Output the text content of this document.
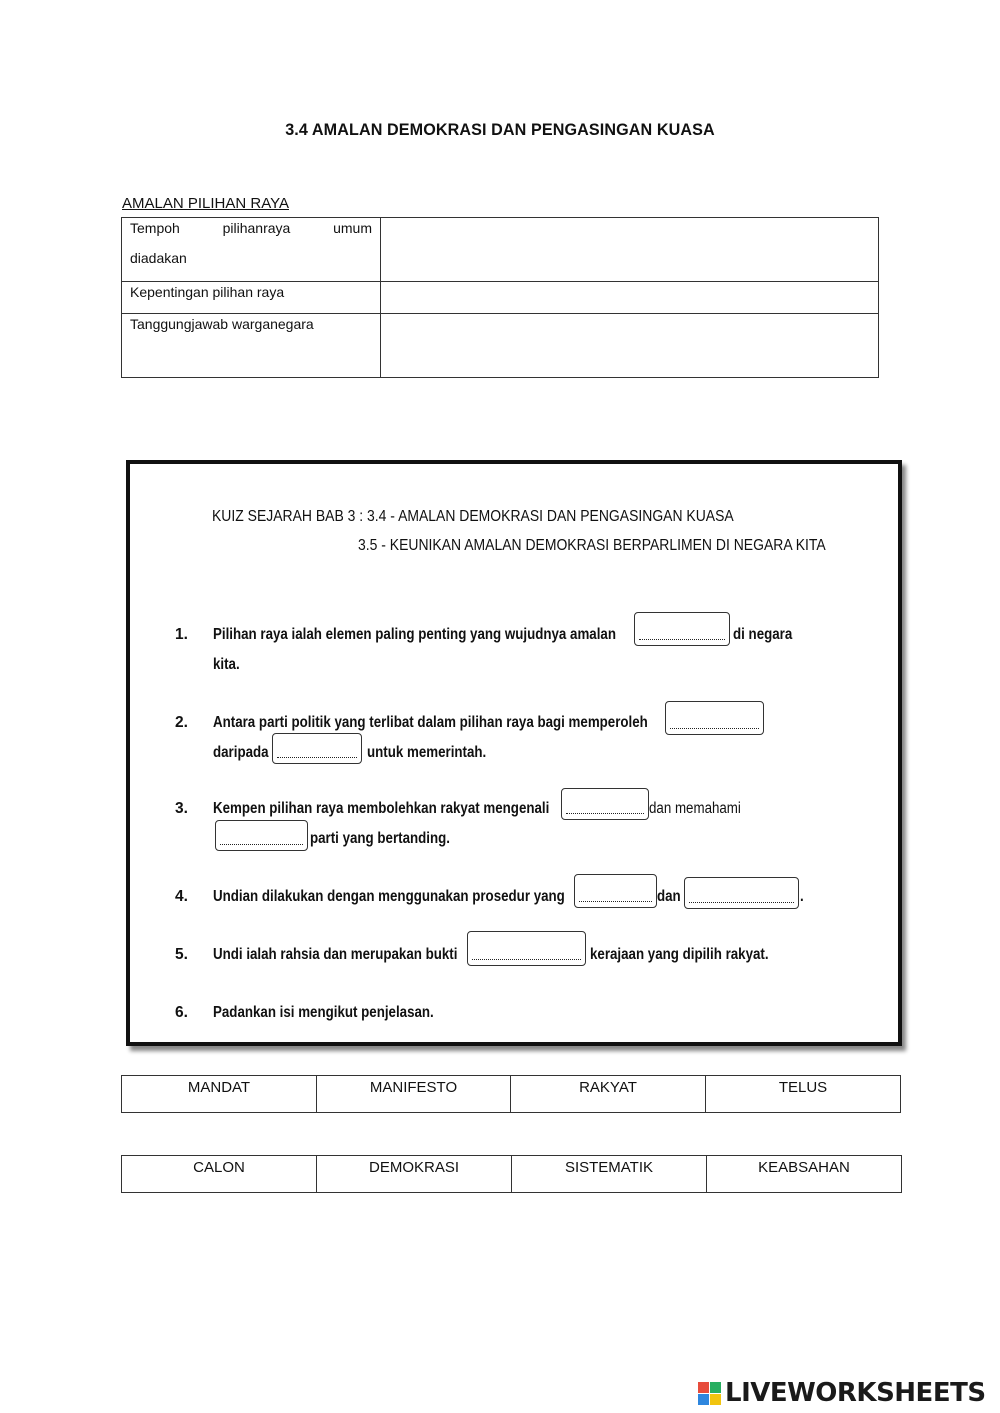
3.4 AMALAN DEMOKRASI DAN PENGASINGAN KUASA
AMALAN PILIHAN RAYA
Tempoh pilihanraya umum
diadakan	

Kepentingan pilihan raya	
Tanggungjawab warganegara	
KUIZ SEJARAH BAB 3 : 3.4 - AMALAN DEMOKRASI DAN PENGASINGAN KUASA
3.5 - KEUNIKAN AMALAN DEMOKRASI BERPARLIMEN DI NEGARA KITA
1. Pilihan raya ialah elemen paling penting yang wujudnya amalan	di negara
kita.
2. Antara parti politik yang terlibat dalam pilihan raya bagi memperoleh
daripada	untuk memerintah.
3. Kempen pilihan raya membolehkan rakyat mengenali	dan memahami
parti yang bertanding.
4. Undian dilakukan dengan menggunakan prosedur yang	dan	.
5. Undi ialah rahsia dan merupakan bukti	kerajaan yang dipilih rakyat.
6. Padankan isi mengikut penjelasan.
MANDAT	MANIFESTO	RAKYAT	TELUS
CALON	DEMOKRASI	SISTEMATIK	KEABSAHAN
LIVEWORKSHEETS
